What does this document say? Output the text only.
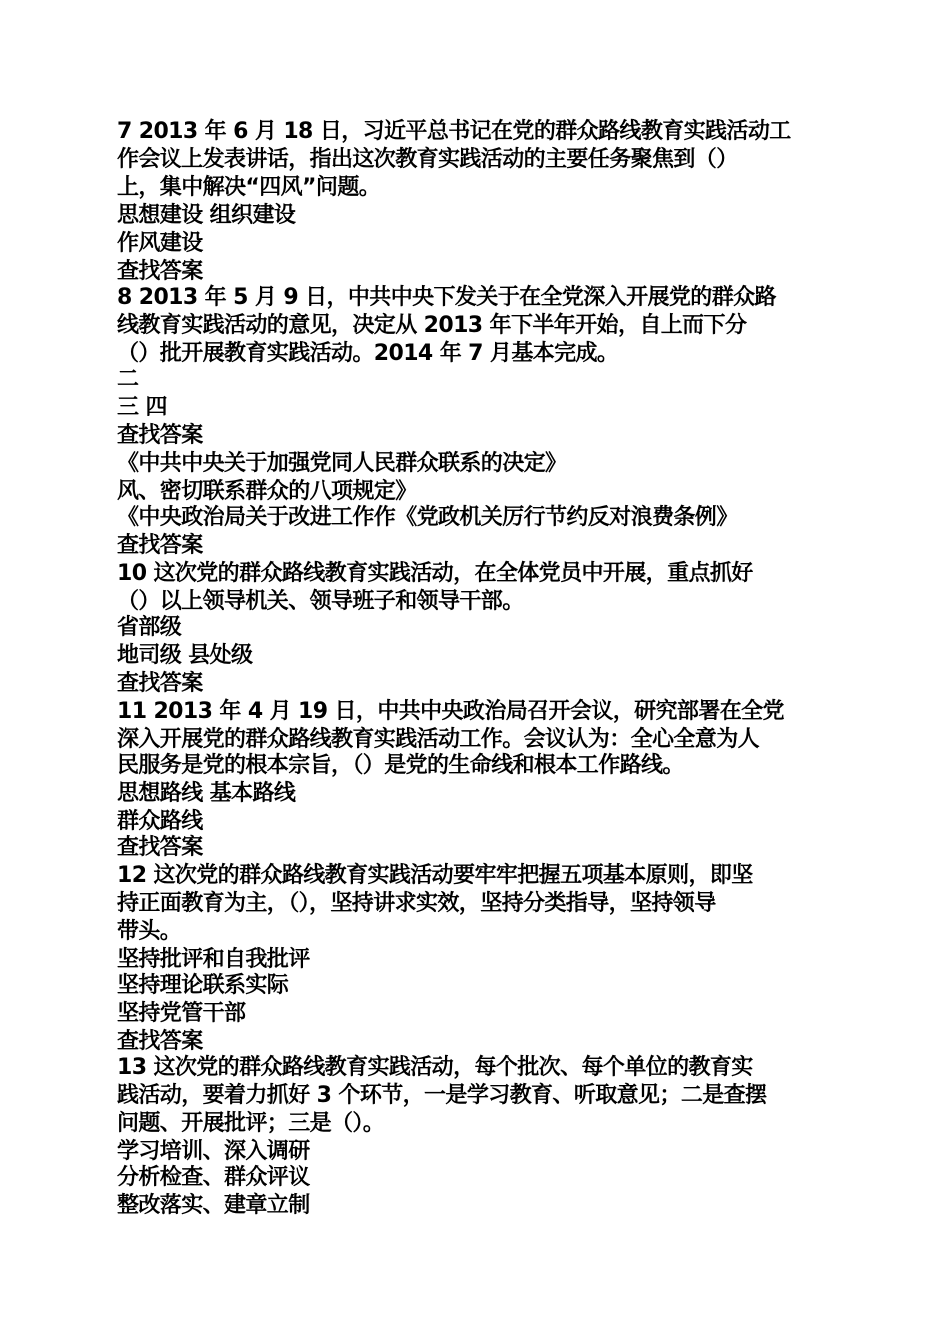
7 2013 年 6 月 18 日，习近平总书记在党的群众路线教育实践活动工

作会议上发表讲话，指出这次教育实践活动的主要任务聚焦到（）

上，集中解决“四风”问题。

思想建设 组织建设

作风建设

查找答案

8 2013 年 5 月 9 日，中共中央下发关于在全党深入开展党的群众路

线教育实践活动的意见，决定从 2013 年下半年开始，自上而下分

（）批开展教育实践活动。2014 年 7 月基本完成。

二

三 四

查找答案

《中共中央关于加强党同人民群众联系的决定》

风、密切联系群众的八项规定》

《中央政治局关于改进工作作《党政机关厉行节约反对浪费条例》

查找答案

10 这次党的群众路线教育实践活动，在全体党员中开展，重点抓好

（）以上领导机关、领导班子和领导干部。

省部级

地司级 县处级

查找答案

11 2013 年 4 月 19 日，中共中央政治局召开会议，研究部署在全党

深入开展党的群众路线教育实践活动工作。会议认为：全心全意为人

民服务是党的根本宗旨，（）是党的生命线和根本工作路线。

思想路线 基本路线

群众路线

查找答案

12 这次党的群众路线教育实践活动要牢牢把握五项基本原则，即坚

持正面教育为主，（），坚持讲求实效，坚持分类指导，坚持领导

带头。

坚持批评和自我批评

坚持理论联系实际

坚持党管干部

查找答案

13 这次党的群众路线教育实践活动，每个批次、每个单位的教育实

践活动，要着力抓好 3 个环节，一是学习教育、听取意见；二是查摆

问题、开展批评；三是（）。

学习培训、深入调研

分析检查、群众评议

整改落实、建章立制
